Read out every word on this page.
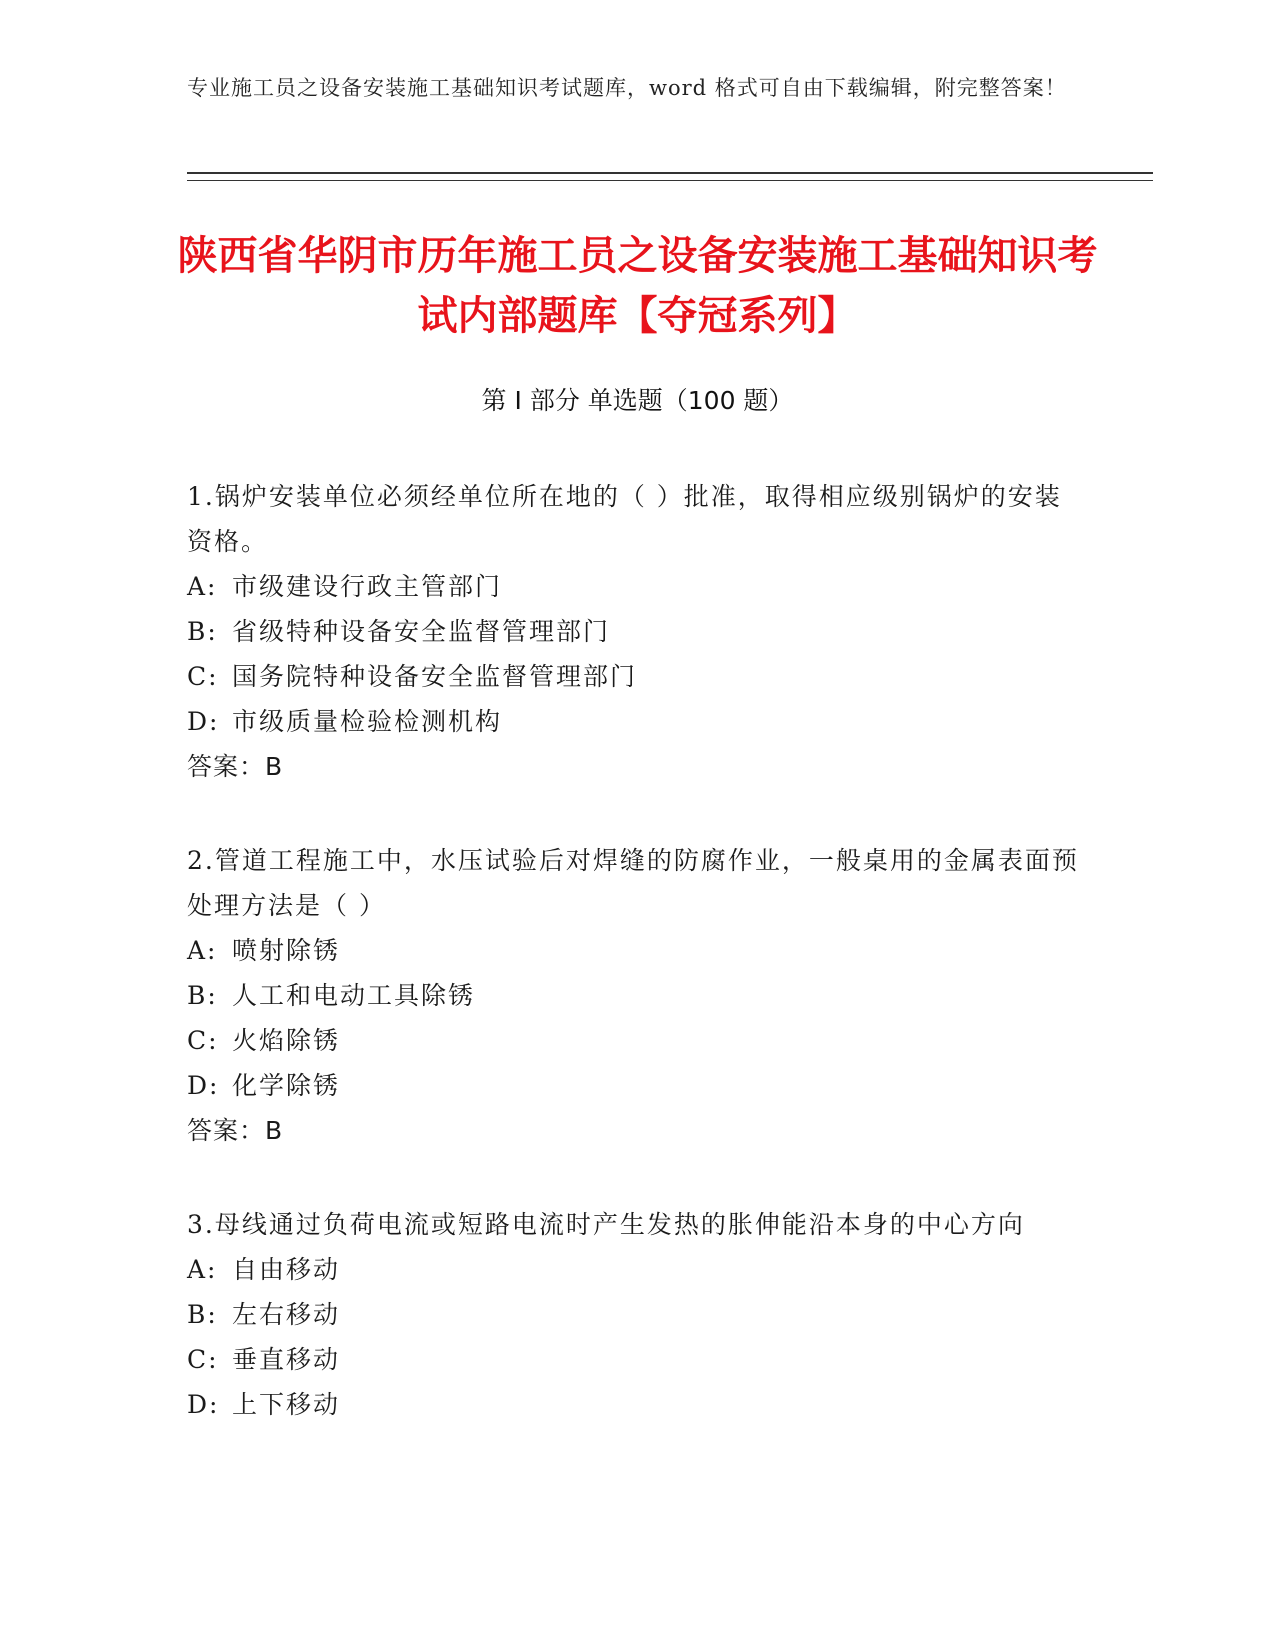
专业施工员之设备安装施工基础知识考试题库，word 格式可自由下载编辑，附完整答案！
陕西省华阴市历年施工员之设备安装施工基础知识考试内部题库【夺冠系列】
第 I 部分 单选题（100 题）

1.锅炉安装单位必须经单位所在地的（ ）批准，取得相应级别锅炉的安装资格。

A: 市级建设行政主管部门

B: 省级特种设备安全监督管理部门

C: 国务院特种设备安全监督管理部门

D: 市级质量检验检测机构

答案：B

2.管道工程施工中，水压试验后对焊缝的防腐作业，一般桌用的金属表面预处理方法是（ ）

A: 喷射除锈

B: 人工和电动工具除锈

C: 火焰除锈

D: 化学除锈

答案：B

3.母线通过负荷电流或短路电流时产生发热的胀伸能沿本身的中心方向

A: 自由移动

B: 左右移动

C: 垂直移动

D: 上下移动
